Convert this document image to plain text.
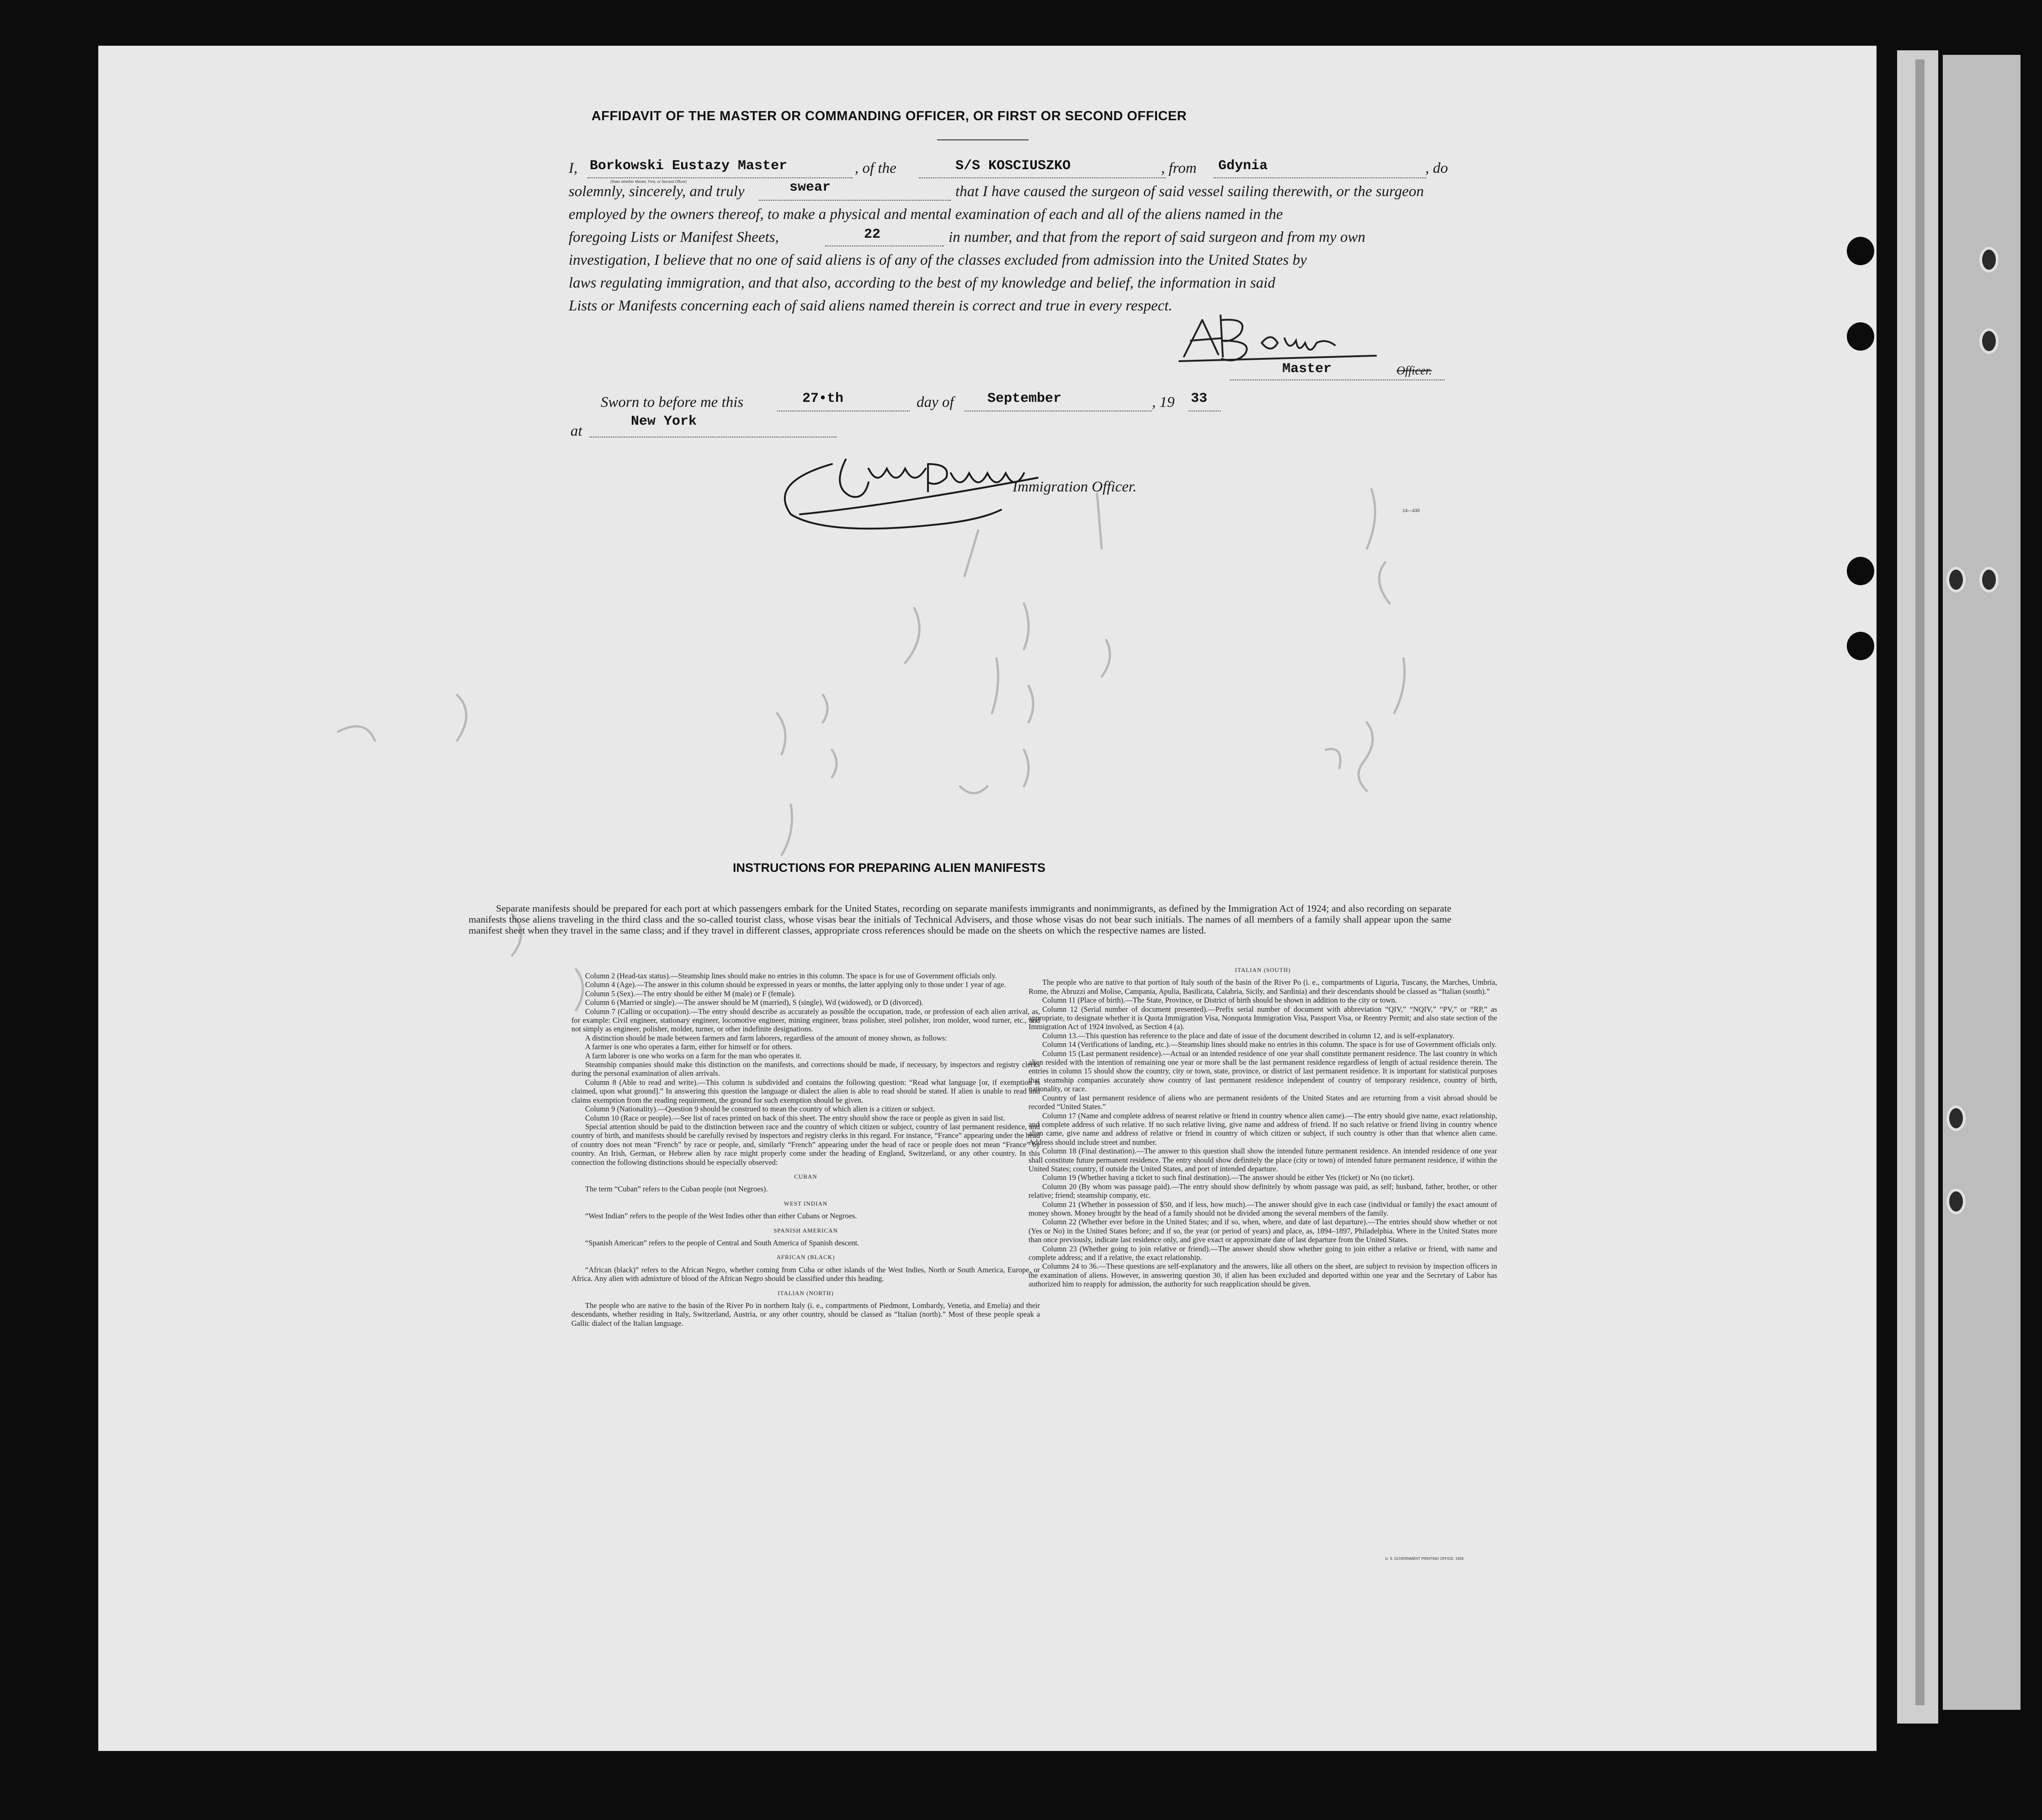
AFFIDAVIT OF THE MASTER OR COMMANDING OFFICER, OR FIRST OR SECOND OFFICER
I, Borkowski Eustazy Master
(State whether Master, First, or Second Officer)
, of the	S/S KOSCIUSZKO	, from Gdynia	, do
solemnly, sincerely, and truly	swear	that I have caused the surgeon of said vessel sailing therewith, or the surgeon
employed by the owners thereof, to make a physical and mental examination of each and all of the aliens named in the
foregoing Lists or Manifest Sheets,	22	in number, and that from the report of said surgeon and from my own
investigation, I believe that no one of said aliens is of any of the classes excluded from admission into the United States by
laws regulating immigration, and that also, according to the best of my knowledge and belief, the information in said
Lists or Manifests concerning each of said aliens named therein is correct and true in every respect.
Master	Officer.
Sworn to before me this	27•th	day of September	, 19 33
at
New York
Immigration Officer.
14—430
INSTRUCTIONS FOR PREPARING ALIEN MANIFESTS
Separate manifests should be prepared for each port at which passengers embark for the United States, recording on separate manifests immigrants and nonimmigrants, as defined by the Immigration Act of 1924; and also recording on separate manifests those aliens traveling in the third class and the so-called tourist class, whose visas bear the initials of Technical Advisers, and those whose visas do not bear such initials. The names of all members of a family shall appear upon the same manifest sheet when they travel in the same class; and if they travel in different classes, appropriate cross references should be made on the sheets on which the respective names are listed.

Column 2 (Head-tax status).—Steamship lines should make no entries in this column. The space is for use of Government officials only.

Column 4 (Age).—The answer in this column should be expressed in years or months, the latter applying only to those under 1 year of age.

Column 5 (Sex).—The entry should be either M (male) or F (female).

Column 6 (Married or single).—The answer should be M (married), S (single), Wd (widowed), or D (divorced).

Column 7 (Calling or occupation).—The entry should describe as accurately as possible the occupation, trade, or profession of each alien arrival, as, for example: Civil engineer, stationary engineer, locomotive engineer, mining engineer, brass polisher, steel polisher, iron molder, wood turner, etc., and not simply as engineer, polisher, molder, turner, or other indefinite designations.

A distinction should be made between farmers and farm laborers, regardless of the amount of money shown, as follows:

A farmer is one who operates a farm, either for himself or for others.

A farm laborer is one who works on a farm for the man who operates it.

Steamship companies should make this distinction on the manifests, and corrections should be made, if necessary, by inspectors and registry clerks during the personal examination of alien arrivals.

Column 8 (Able to read and write).—This column is subdivided and contains the following question: “Read what language [or, if exemption is claimed, upon what ground].” In answering this question the language or dialect the alien is able to read should be stated. If alien is unable to read and claims exemption from the reading requirement, the ground for such exemption should be given.

Column 9 (Nationality).—Question 9 should be construed to mean the country of which alien is a citizen or subject.

Column 10 (Race or people).—See list of races printed on back of this sheet. The entry should show the race or people as given in said list.

Special attention should be paid to the distinction between race and the country of which citizen or subject, country of last permanent residence, and country of birth, and manifests should be carefully revised by inspectors and registry clerks in this regard. For instance, “France” appearing under the head of country does not mean “French” by race or people, and, similarly “French” appearing under the head of race or people does not mean “France” by country. An Irish, German, or Hebrew alien by race might properly come under the heading of England, Switzerland, or any other country. In this connection the following distinctions should be especially observed:

CUBAN

The term “Cuban” refers to the Cuban people (not Negroes).

WEST INDIAN

“West Indian” refers to the people of the West Indies other than either Cubans or Negroes.

SPANISH AMERICAN

“Spanish American” refers to the people of Central and South America of Spanish descent.

AFRICAN (BLACK)

“African (black)” refers to the African Negro, whether coming from Cuba or other islands of the West Indies, North or South America, Europe, or Africa. Any alien with admixture of blood of the African Negro should be classified under this heading.

ITALIAN (NORTH)

The people who are native to the basin of the River Po in northern Italy (i. e., compartments of Piedmont, Lombardy, Venetia, and Emelia) and their descendants, whether residing in Italy, Switzerland, Austria, or any other country, should be classed as “Italian (north).” Most of these people speak a Gallic dialect of the Italian language.

ITALIAN (SOUTH)

The people who are native to that portion of Italy south of the basin of the River Po (i. e., compartments of Liguria, Tuscany, the Marches, Umbria, Rome, the Abruzzi and Molise, Campania, Apulia, Basilicata, Calabria, Sicily, and Sardinia) and their descendants should be classed as “Italian (south).”

Column 11 (Place of birth).—The State, Province, or District of birth should be shown in addition to the city or town.

Column 12 (Serial number of document presented).—Prefix serial number of document with abbreviation “QIV,” “NQIV,” “PV,” or “RP,” as appropriate, to designate whether it is Quota Immigration Visa, Nonquota Immigration Visa, Passport Visa, or Reentry Permit; and also state section of the Immigration Act of 1924 involved, as Section 4 (a).

Column 13.—This question has reference to the place and date of issue of the document described in column 12, and is self-explanatory.

Column 14 (Verifications of landing, etc.).—Steamship lines should make no entries in this column. The space is for use of Government officials only.

Column 15 (Last permanent residence).—Actual or an intended residence of one year shall constitute permanent residence. The last country in which alien resided with the intention of remaining one year or more shall be the last permanent residence regardless of length of actual residence therein. The entries in column 15 should show the country, city or town, state, province, or district of last permanent residence. It is important for statistical purposes that steamship companies accurately show country of last permanent residence independent of country of temporary residence, country of birth, nationality, or race.

Country of last permanent residence of aliens who are permanent residents of the United States and are returning from a visit abroad should be recorded “United States.”

Column 17 (Name and complete address of nearest relative or friend in country whence alien came).—The entry should give name, exact relationship, and complete address of such relative. If no such relative living, give name and address of friend. If no such relative or friend living in country whence alien came, give name and address of relative or friend in country of which citizen or subject, if such country is other than that whence alien came. Address should include street and number.

Column 18 (Final destination).—The answer to this question shall show the intended future permanent residence. An intended residence of one year shall constitute future permanent residence. The entry should show definitely the place (city or town) of intended future permanent residence, if within the United States; country, if outside the United States, and port of intended departure.

Column 19 (Whether having a ticket to such final destination).—The answer should be either Yes (ticket) or No (no ticket).

Column 20 (By whom was passage paid).—The entry should show definitely by whom passage was paid, as self; husband, father, brother, or other relative; friend; steamship company, etc.

Column 21 (Whether in possession of $50, and if less, how much).—The answer should give in each case (individual or family) the exact amount of money shown. Money brought by the head of a family should not be divided among the several members of the family.

Column 22 (Whether ever before in the United States; and if so, when, where, and date of last departure).—The entries should show whether or not (Yes or No) in the United States before; and if so, the year (or period of years) and place, as, 1894–1897, Philadelphia. Where in the United States more than once previously, indicate last residence only, and give exact or approximate date of last departure from the United States.

Column 23 (Whether going to join relative or friend).—The answer should show whether going to join either a relative or friend, with name and complete address; and if a relative, the exact relationship.

Columns 24 to 36.—These questions are self-explanatory and the answers, like all others on the sheet, are subject to revision by inspection officers in the examination of aliens. However, in answering question 30, if alien has been excluded and deported within one year and the Secretary of Labor has authorized him to reapply for admission, the authority for such reapplication should be given.

U. S. GOVERNMENT PRINTING OFFICE: 1934
